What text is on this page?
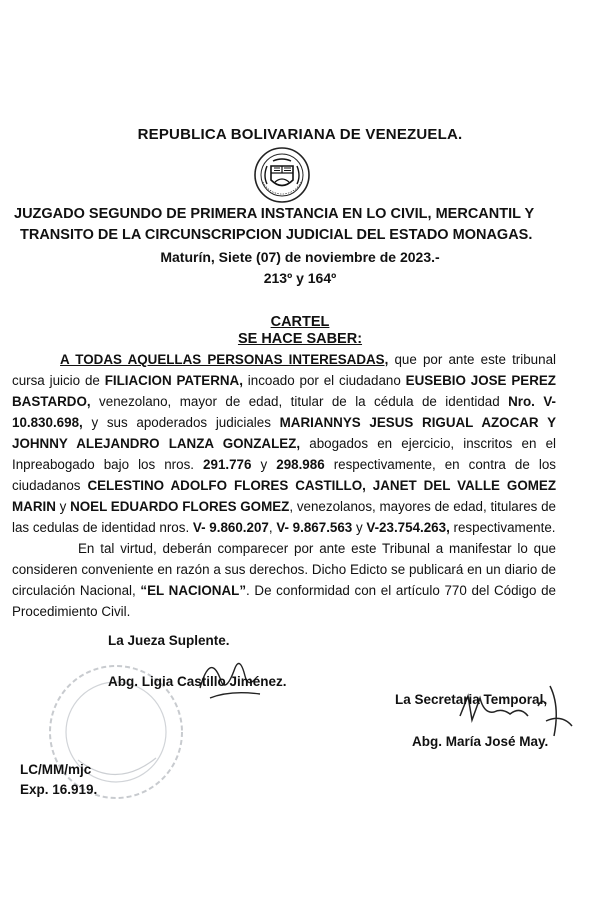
REPUBLICA BOLIVARIANA DE VENEZUELA.
JUZGADO SEGUNDO DE PRIMERA INSTANCIA EN LO CIVIL, MERCANTIL Y
TRANSITO DE LA CIRCUNSCRIPCION JUDICIAL DEL ESTADO MONAGAS.
Maturín, Siete (07) de noviembre de 2023.-
213º y 164º
CARTEL
SE HACE SABER:

A TODAS AQUELLAS PERSONAS INTERESADAS, que por ante este tribunal cursa juicio de FILIACION PATERNA, incoado por el ciudadano EUSEBIO JOSE PEREZ BASTARDO, venezolano, mayor de edad, titular de la cédula de identidad Nro. V- 10.830.698, y sus apoderados judiciales MARIANNYS JESUS RIGUAL AZOCAR Y JOHNNY ALEJANDRO LANZA GONZALEZ, abogados en ejercicio, inscritos en el Inpreabogado bajo los nros. 291.776 y 298.986 respectivamente, en contra de los ciudadanos CELESTINO ADOLFO FLORES CASTILLO, JANET DEL VALLE GOMEZ MARIN y NOEL EDUARDO FLORES GOMEZ, venezolanos, mayores de edad, titulares de las cedulas de identidad nros. V- 9.860.207, V- 9.867.563 y V-23.754.263, respectivamente.

En tal virtud, deberán comparecer por ante este Tribunal a manifestar lo que consideren conveniente en razón a sus derechos. Dicho Edicto se publicará en un diario de circulación Nacional, “EL NACIONAL”. De conformidad con el artículo 770 del Código de Procedimiento Civil.

La Jueza Suplente.
Abg. Ligia Castillo Jiménez.
La Secretaria Temporal,
Abg. María José May.
LC/MM/mjc
Exp. 16.919.
